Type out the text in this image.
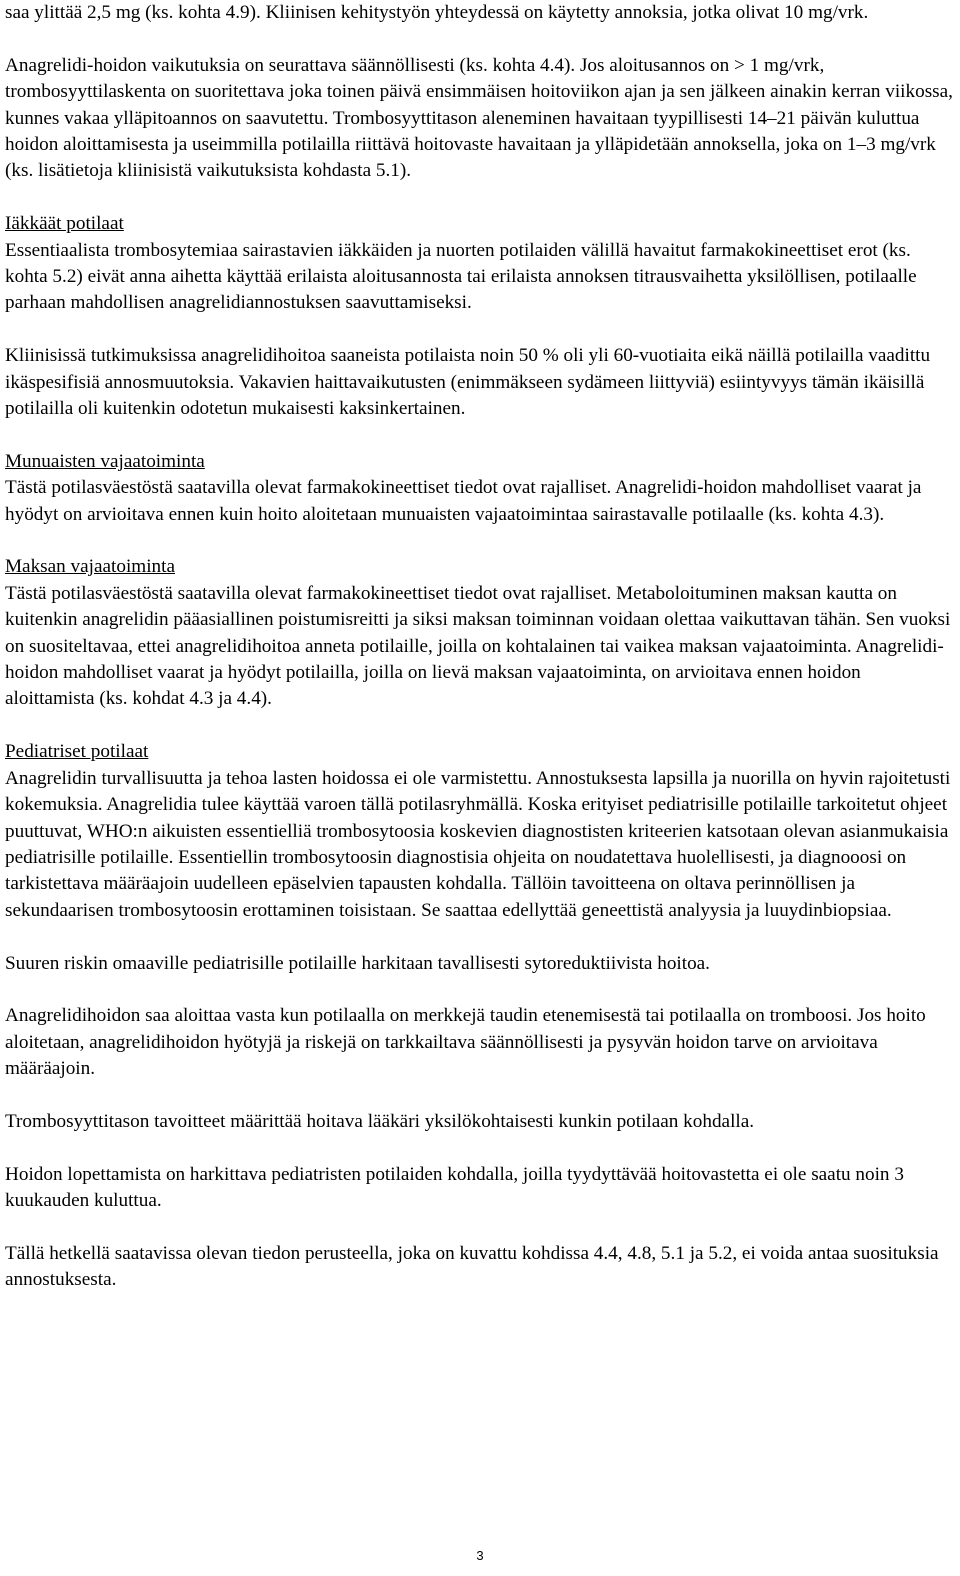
saa ylittää 2,5 mg (ks. kohta 4.9). Kliinisen kehitystyön yhteydessä on käytetty annoksia, jotka olivat 10 mg/vrk.

Anagrelidi-hoidon vaikutuksia on seurattava säännöllisesti (ks. kohta 4.4). Jos aloitusannos on > 1 mg/vrk, trombosyyttilaskenta on suoritettava joka toinen päivä ensimmäisen hoitoviikon ajan ja sen jälkeen ainakin kerran viikossa, kunnes vakaa ylläpitoannos on saavutettu. Trombosyyttitason aleneminen havaitaan tyypillisesti 14–21 päivän kuluttua hoidon aloittamisesta ja useimmilla potilailla riittävä hoitovaste havaitaan ja ylläpidetään annoksella, joka on 1–3 mg/vrk (ks. lisätietoja kliinisistä vaikutuksista kohdasta 5.1).

Iäkkäät potilaat

Essentiaalista trombosytemiaa sairastavien iäkkäiden ja nuorten potilaiden välillä havaitut farmakokineettiset erot (ks. kohta 5.2) eivät anna aihetta käyttää erilaista aloitusannosta tai erilaista annoksen titrausvaihetta yksilöllisen, potilaalle parhaan mahdollisen anagrelidiannostuksen saavuttamiseksi.

Kliinisissä tutkimuksissa anagrelidihoitoa saaneista potilaista noin 50 % oli yli 60-vuotiaita eikä näillä potilailla vaadittu ikäspesifisiä annosmuutoksia. Vakavien haittavaikutusten (enimmäkseen sydämeen liittyviä) esiintyvyys tämän ikäisillä potilailla oli kuitenkin odotetun mukaisesti kaksinkertainen.

Munuaisten vajaatoiminta

Tästä potilasväestöstä saatavilla olevat farmakokineettiset tiedot ovat rajalliset. Anagrelidi-hoidon mahdolliset vaarat ja hyödyt on arvioitava ennen kuin hoito aloitetaan munuaisten vajaatoimintaa sairastavalle potilaalle (ks. kohta 4.3).

Maksan vajaatoiminta

Tästä potilasväestöstä saatavilla olevat farmakokineettiset tiedot ovat rajalliset. Metaboloituminen maksan kautta on kuitenkin anagrelidin pääasiallinen poistumisreitti ja siksi maksan toiminnan voidaan olettaa vaikuttavan tähän. Sen vuoksi on suositeltavaa, ettei anagrelidihoitoa anneta potilaille, joilla on kohtalainen tai vaikea maksan vajaatoiminta. Anagrelidi-hoidon mahdolliset vaarat ja hyödyt potilailla, joilla on lievä maksan vajaatoiminta, on arvioitava ennen hoidon aloittamista (ks. kohdat 4.3 ja 4.4).

Pediatriset potilaat

Anagrelidin turvallisuutta ja tehoa lasten hoidossa ei ole varmistettu. Annostuksesta lapsilla ja nuorilla on hyvin rajoitetusti kokemuksia. Anagrelidia tulee käyttää varoen tällä potilasryhmällä. Koska erityiset pediatrisille potilaille tarkoitetut ohjeet puuttuvat, WHO:n aikuisten essentielliä trombosytoosia koskevien diagnostisten kriteerien katsotaan olevan asianmukaisia pediatrisille potilaille. Essentiellin trombosytoosin diagnostisia ohjeita on noudatettava huolellisesti, ja diagnooosi on tarkistettava määräajoin uudelleen epäselvien tapausten kohdalla. Tällöin tavoitteena on oltava perinnöllisen ja sekundaarisen trombosytoosin erottaminen toisistaan. Se saattaa edellyttää geneettistä analyysia ja luuydinbiopsiaa.

Suuren riskin omaaville pediatrisille potilaille harkitaan tavallisesti sytoreduktiivista hoitoa.

Anagrelidihoidon saa aloittaa vasta kun potilaalla on merkkejä taudin etenemisestä tai potilaalla on tromboosi. Jos hoito aloitetaan, anagrelidihoidon hyötyjä ja riskejä on tarkkailtava säännöllisesti ja pysyvän hoidon tarve on arvioitava määräajoin.

Trombosyyttitason tavoitteet määrittää hoitava lääkäri yksilökohtaisesti kunkin potilaan kohdalla.

Hoidon lopettamista on harkittava pediatristen potilaiden kohdalla, joilla tyydyttävää hoitovastetta ei ole saatu noin 3 kuukauden kuluttua.

Tällä hetkellä saatavissa olevan tiedon perusteella, joka on kuvattu kohdissa 4.4, 4.8, 5.1 ja 5.2, ei voida antaa suosituksia annostuksesta.

3
